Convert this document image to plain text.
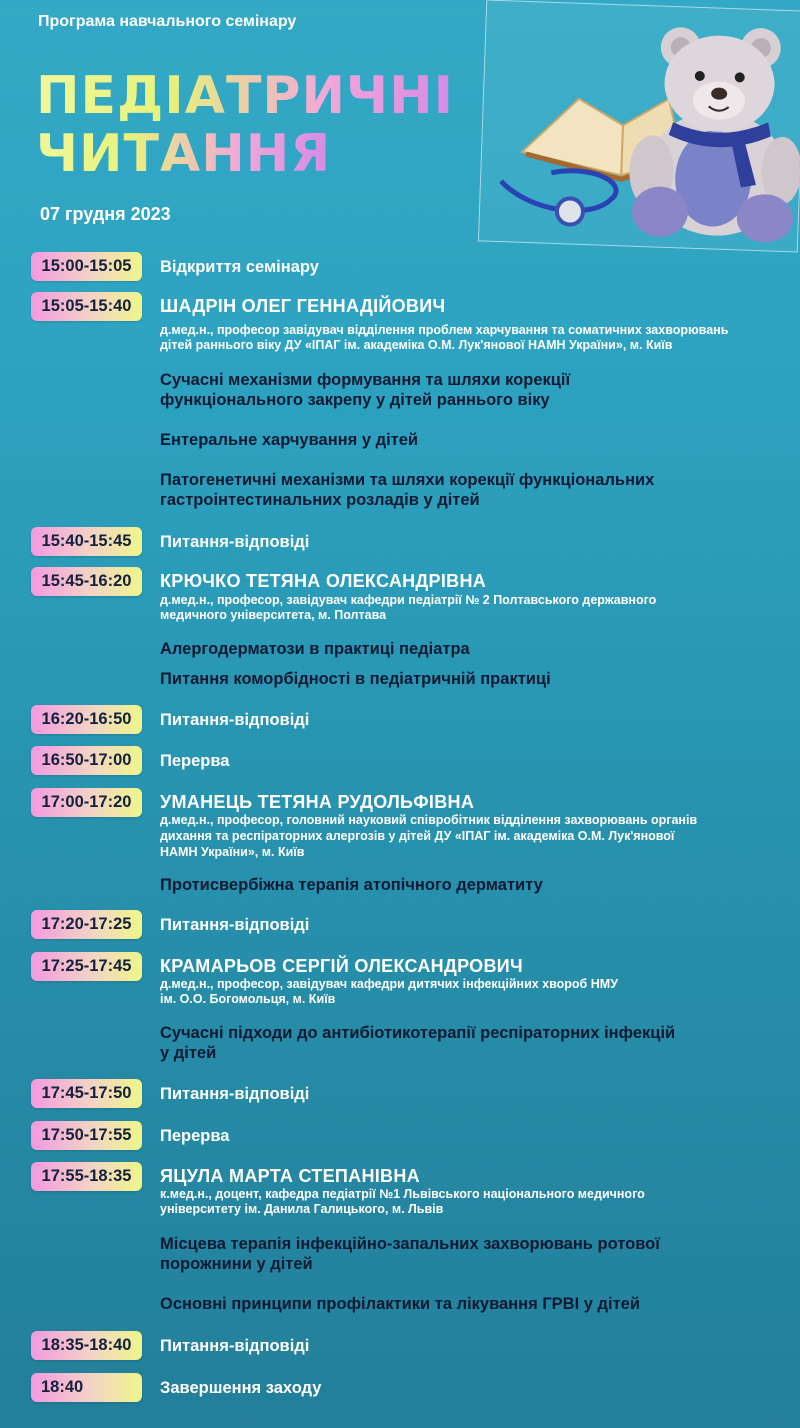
Програма навчального семінару
ПЕДІАТРИЧНІ
ЧИТАННЯ
07 грудня 2023
15:00-15:05	Відкриття семінару
15:05-15:40	ШАДРІН ОЛЕГ ГЕННАДІЙОВИЧ
д.мед.н., професор завідувач відділення проблем харчування та соматичних захворювань
дітей раннього віку ДУ «ІПАГ ім. академіка О.М. Лук'янової НАМН України», м. Київ
Сучасні механізми формування та шляхи корекції
функціонального закрепу у дітей раннього віку
Ентеральне харчування у дітей
Патогенетичні механізми та шляхи корекції функціональних
гастроінтестинальних розладів у дітей
15:40-15:45	Питання-відповіді
15:45-16:20	КРЮЧКО ТЕТЯНА ОЛЕКСАНДРІВНА
д.мед.н., професор, завідувач кафедри педіатрії № 2 Полтавського державного
медичного університета, м. Полтава
Алергодерматози в практиці педіатра
Питання коморбідності в педіатричній практиці
16:20-16:50	Питання-відповіді
16:50-17:00	Перерва
17:00-17:20	УМАНЕЦЬ ТЕТЯНА РУДОЛЬФІВНА
д.мед.н., професор, головний науковий співробітник відділення захворювань органів
дихання та респіраторних алергозів у дітей ДУ «ІПАГ ім. академіка О.М. Лук'янової
НАМН України», м. Київ
Протисвербіжна терапія атопічного дерматиту
17:20-17:25	Питання-відповіді
17:25-17:45	КРАМАРЬОВ СЕРГІЙ ОЛЕКСАНДРОВИЧ
д.мед.н., професор, завідувач кафедри дитячих інфекційних хвороб НМУ
ім. О.О. Богомольця, м. Київ
Сучасні підходи до антибіотикотерапії респіраторних інфекцій
у дітей
17:45-17:50	Питання-відповіді
17:50-17:55	Перерва
17:55-18:35	ЯЦУЛА МАРТА СТЕПАНІВНА
к.мед.н., доцент, кафедра педіатрії №1 Львівського національного медичного
університету ім. Данила Галицького, м. Львів
Місцева терапія інфекційно-запальних захворювань ротової
порожнини у дітей
Основні принципи профілактики та лікування ГРВІ у дітей
18:35-18:40	Питання-відповіді
18:40	Завершення заходу
